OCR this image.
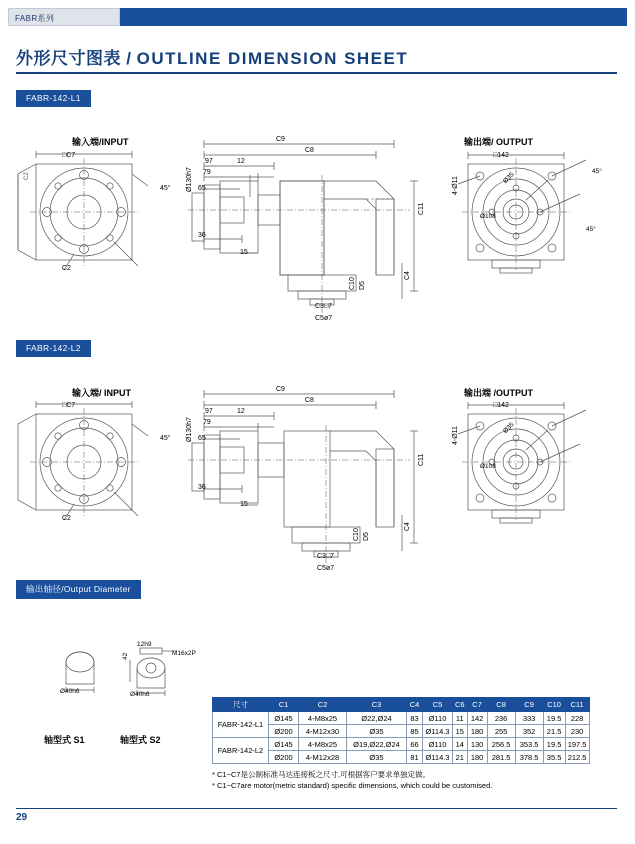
FABR系列
外形尺寸图表 / OUTLINE DIMENSION SHEET
FABR-142-L1
输入端/INPUT	输出端/ OUTPUT
C2
□C7
45°
C2
C9
C8
97
79
12
65
36
15
Ø130h7
C11
C4
C10 D5
C3□7
C5ø7
□142
4-Ø11
Ø108
Ø35	45°
45°
FABR-142-L2
输入端/ INPUT	输出端 /OUTPUT
□C7
45°
C2
C9
C8
97
79
12
65
36
15
Ø130h7
C11
C4
C10 D5
C3□7
C5ø7
□142
4-Ø11
Ø108
Ø35
输出轴径/Output Diameter
Ø40h6
轴型式 S1
12h9
42	M16x2P
Ø40h6
轴型式 S2
尺寸	C1	C2	C3	C4	C5	C6	C7	C8	C9	C10	C11
FABR-142-L1	Ø145	4-M8x25	Ø22,Ø24	83	Ø110	11	142	236	333	19.5	228
	Ø200	4-M12x30	Ø35	85	Ø114.3	15	180	255	352	21.5	230
FABR-142-L2	Ø145	4-M8x25	Ø19,Ø22,Ø24	66	Ø110	14	130	256.5	353.5	19.5	197.5
	Ø200	4-M12x28	Ø35	81	Ø114.3	21	180	281.5	378.5	35.5	212.5
* C1~C7是公制标准马达连接板之尺寸,可根据客户要求单独定做。
* C1~C7are motor(metric standard) specific dimensions, which could be customised.
29
